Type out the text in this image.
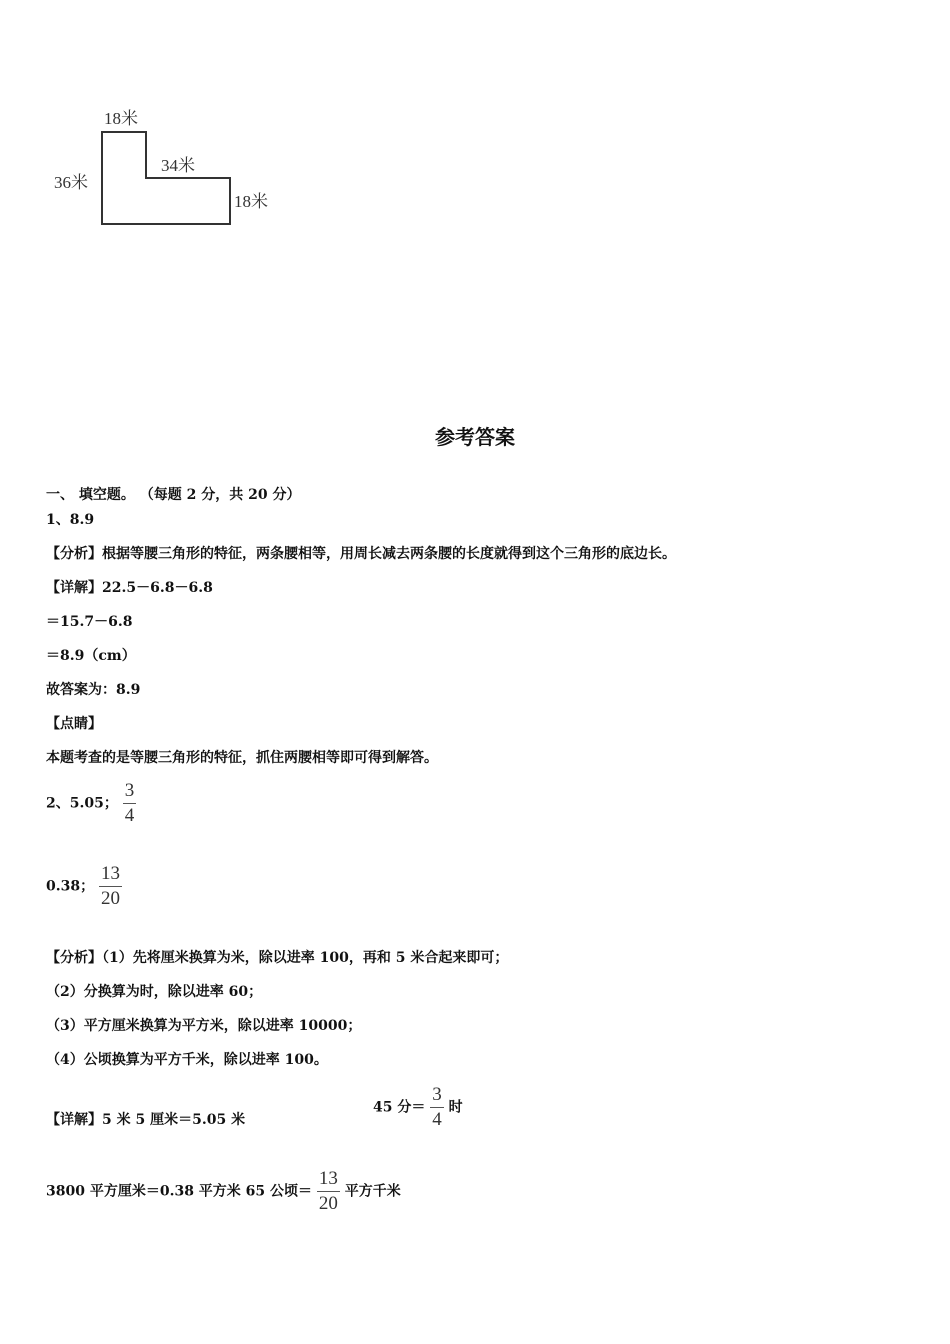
18米
36米
34米
18米
参考答案
一、 填空题。 （每题 2 分，共 20 分）
1、8.9
【分析】根据等腰三角形的特征，两条腰相等，用周长减去两条腰的长度就得到这个三角形的底边长。
【详解】22.5－6.8－6.8
＝15.7－6.8
＝8.9（cm）
故答案为：8.9
【点睛】
本题考查的是等腰三角形的特征，抓住两腰相等即可得到解答。
2、5.05； $\frac{3}{4}$
0.38； $\frac{13}{20}$
【分析】（1）先将厘米换算为米，除以进率 100，再和 5 米合起来即可；
（2）分换算为时，除以进率 60；
（3）平方厘米换算为平方米，除以进率 10000；
（4）公顷换算为平方千米，除以进率 100。
【详解】5 米 5 厘米＝5.05 米
45 分＝ $\frac{3}{4}$ 时
3800 平方厘米＝0.38 平方米 65 公顷＝ $\frac{13}{20}$ 平方千米
